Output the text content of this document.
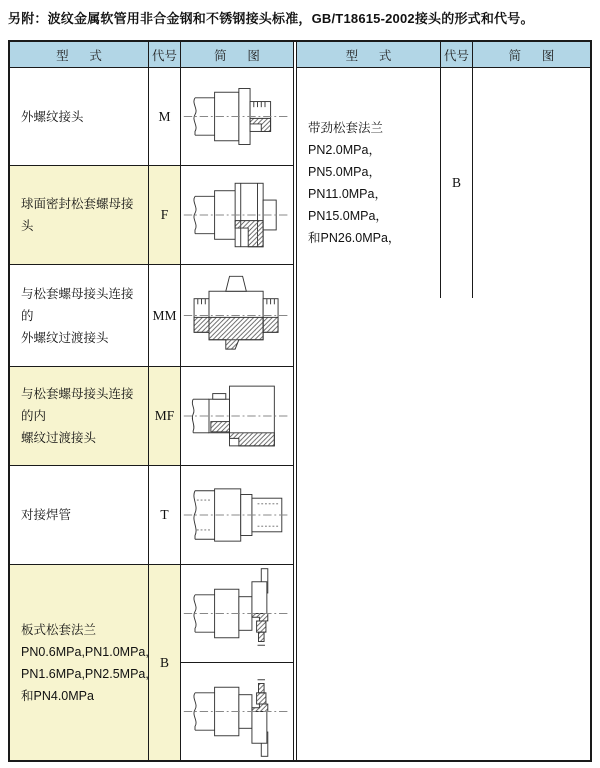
另附：波纹金属软管用非合金钢和不锈钢接头标准，GB/T18615-2002接头的形式和代号。
型      式	代号	简      图
外螺纹接头	M
球面密封松套螺母接头
F
与松套螺母接头连接的
外螺纹过渡接头
MM
与松套螺母接头连接的内
螺纹过渡接头
MF
对接焊管	T
板式松套法兰
PN0.6MPa,PN1.0MPa,
PN1.6MPa,PN2.5MPa,
和PN4.0MPa
B
型      式	代号	简      图
带劲松套法兰
PN2.0MPa，PN5.0MPa，
PN11.0MPa，PN15.0MPa，
和PN26.0MPa，
B
